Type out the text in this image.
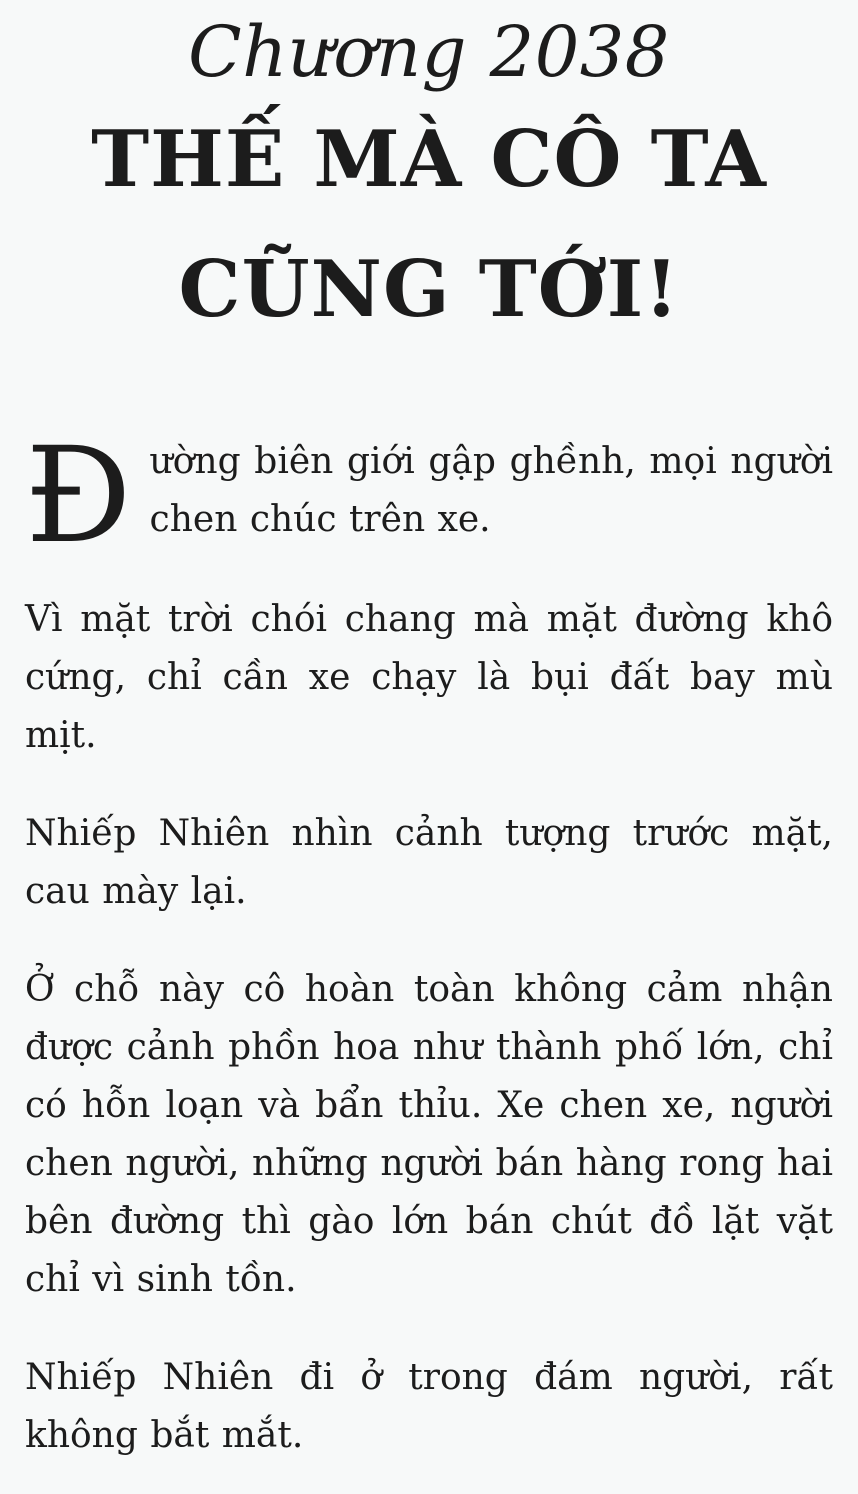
Chương 2038
THẾ MÀ CÔ TA CŨNG TỚI!

Đường biên giới gập ghềnh, mọi người chen chúc trên xe.

Vì mặt trời chói chang mà mặt đường khô cứng, chỉ cần xe chạy là bụi đất bay mù mịt.

Nhiếp Nhiên nhìn cảnh tượng trước mặt, cau mày lại.

Ở chỗ này cô hoàn toàn không cảm nhận được cảnh phồn hoa như thành phố lớn, chỉ có hỗn loạn và bẩn thỉu. Xe chen xe, người chen người, những người bán hàng rong hai bên đường thì gào lớn bán chút đồ lặt vặt chỉ vì sinh tồn.

Nhiếp Nhiên đi ở trong đám người, rất không bắt mắt.
